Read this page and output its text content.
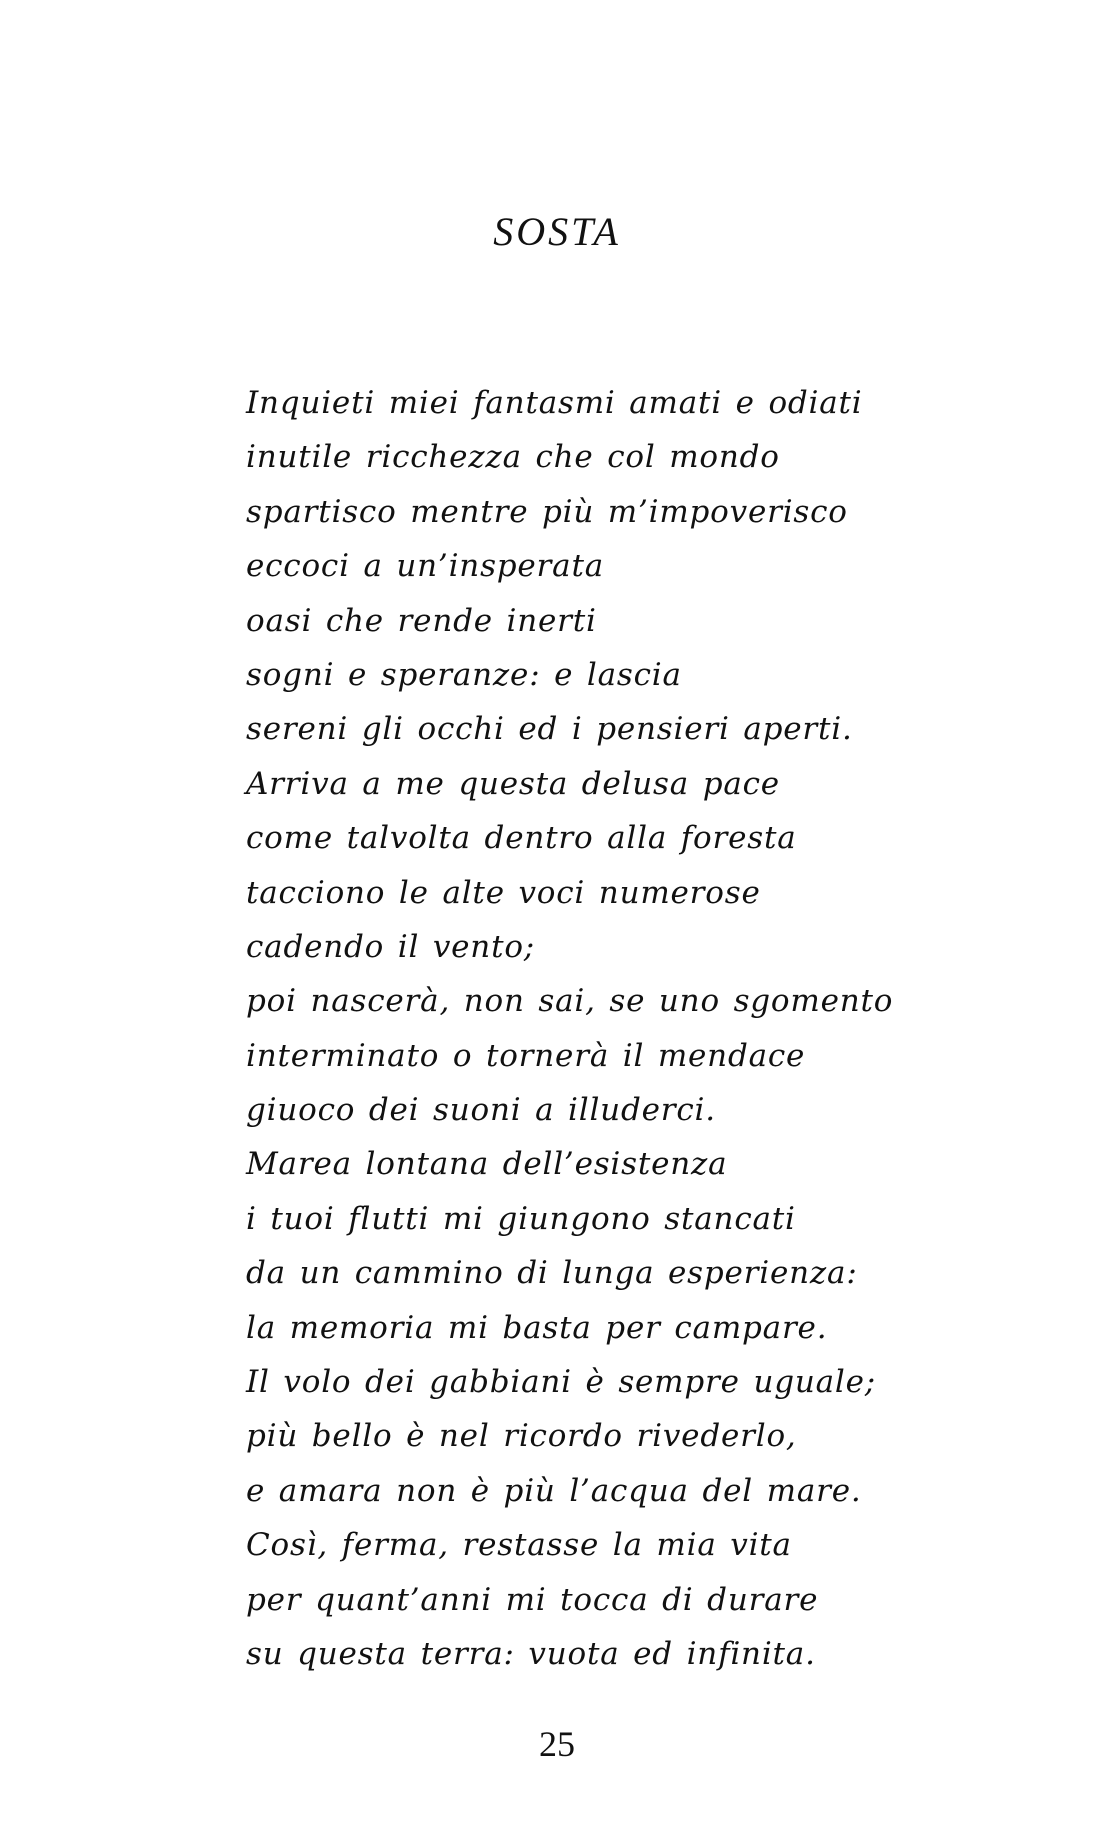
SOSTA
Inquieti miei fantasmi amati e odiati
inutile ricchezza che col mondo
spartisco mentre più m’impoverisco
eccoci a un’insperata
oasi che rende inerti
sogni e speranze: e lascia
sereni gli occhi ed i pensieri aperti.
Arriva a me questa delusa pace
come talvolta dentro alla foresta
tacciono le alte voci numerose
cadendo il vento;
poi nascerà, non sai, se uno sgomento
interminato o tornerà il mendace
giuoco dei suoni a illuderci.
Marea lontana dell’esistenza
i tuoi flutti mi giungono stancati
da un cammino di lunga esperienza:
la memoria mi basta per campare.
Il volo dei gabbiani è sempre uguale;
più bello è nel ricordo rivederlo,
e amara non è più l’acqua del mare.
Così, ferma, restasse la mia vita
per quant’anni mi tocca di durare
su questa terra: vuota ed infinita.
25
